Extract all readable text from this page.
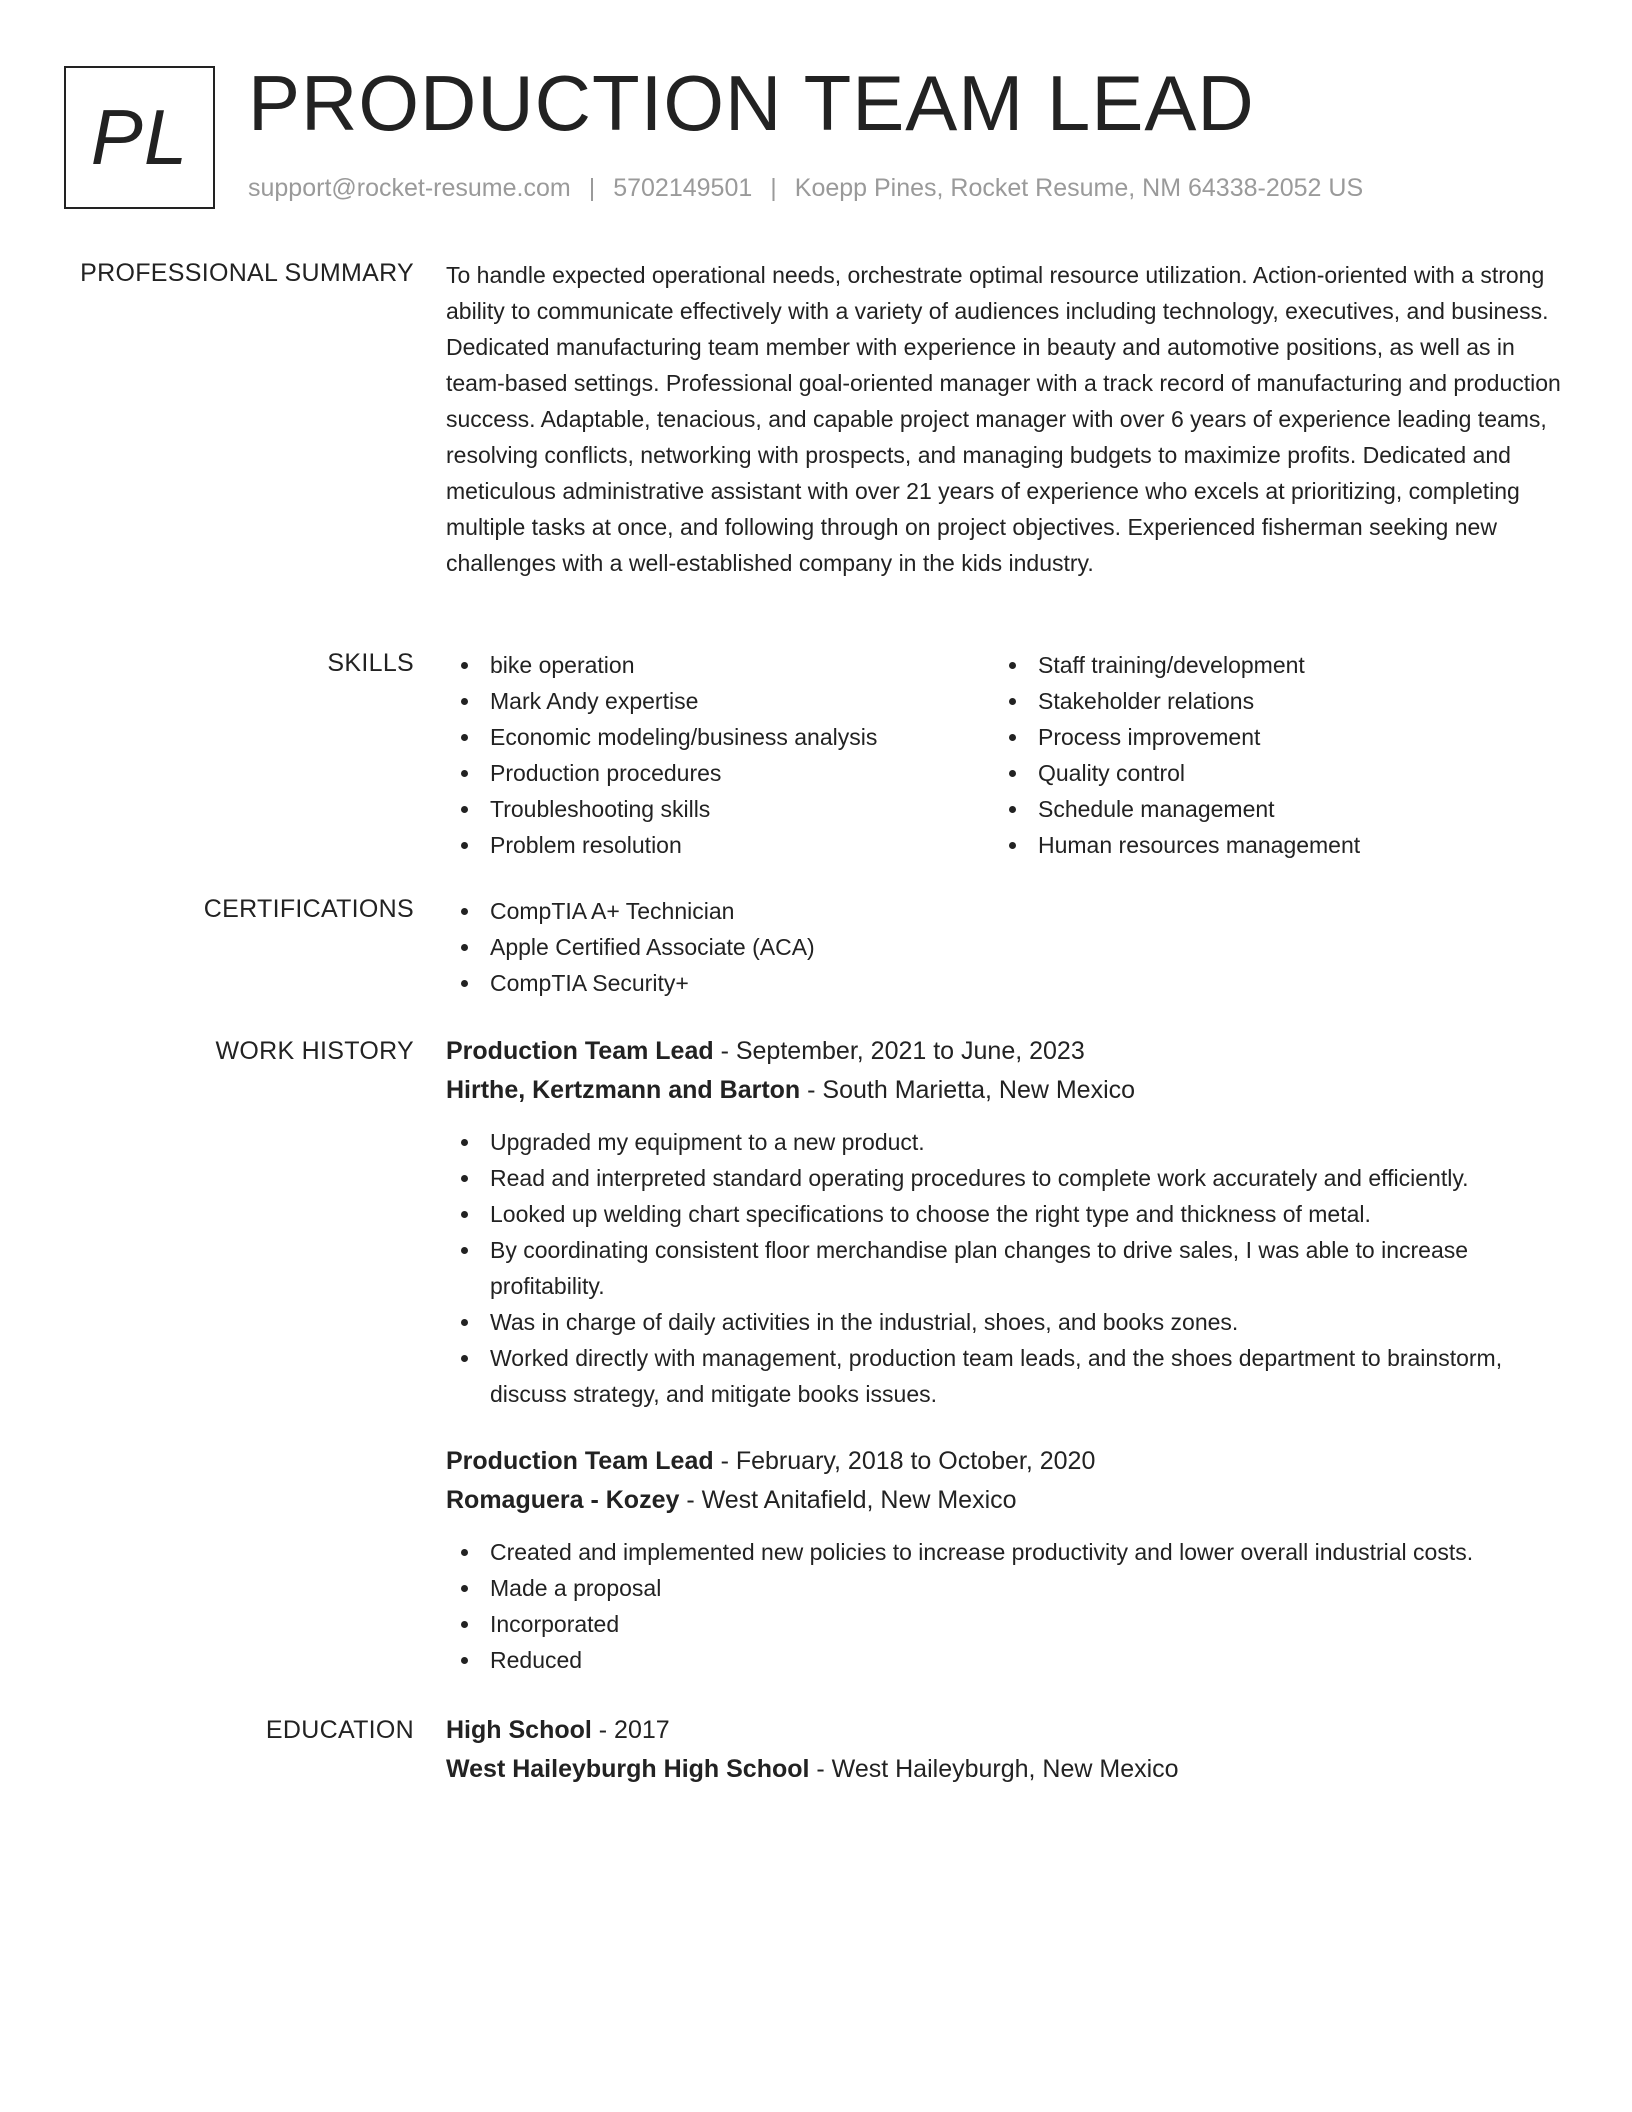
PL PRODUCTION TEAM LEAD
support@rocket-resume.com | 5702149501 | Koepp Pines, Rocket Resume, NM 64338-2052 US
PROFESSIONAL SUMMARY To handle expected operational needs, orchestrate optimal resource utilization. Action-oriented with a strong ability to communicate effectively with a variety of audiences including technology, executives, and business. Dedicated manufacturing team member with experience in beauty and automotive positions, as well as in team-based settings. Professional goal-oriented manager with a track record of manufacturing and production success. Adaptable, tenacious, and capable project manager with over 6 years of experience leading teams, resolving conflicts, networking with prospects, and managing budgets to maximize profits. Dedicated and meticulous administrative assistant with over 21 years of experience who excels at prioritizing, completing multiple tasks at once, and following through on project objectives. Experienced fisherman seeking new challenges with a well-established company in the kids industry.
SKILLS	bike operation
Mark Andy expertise
Economic modeling/business analysis
Production procedures
Troubleshooting skills
Problem resolution
Staff training/development
Stakeholder relations
Process improvement
Quality control
Schedule management
Human resources management
CERTIFICATIONS	CompTIA A+ Technician
Apple Certified Associate (ACA)
CompTIA Security+
WORK HISTORY Production Team Lead - September, 2021 to June, 2023
Hirthe, Kertzmann and Barton - South Marietta, New Mexico
Upgraded my equipment to a new product.
Read and interpreted standard operating procedures to complete work accurately and efficiently.
Looked up welding chart specifications to choose the right type and thickness of metal.
By coordinating consistent floor merchandise plan changes to drive sales, I was able to increase profitability.
Was in charge of daily activities in the industrial, shoes, and books zones.
Worked directly with management, production team leads, and the shoes department to brainstorm, discuss strategy, and mitigate books issues.
Production Team Lead - February, 2018 to October, 2020
Romaguera - Kozey - West Anitafield, New Mexico
Created and implemented new policies to increase productivity and lower overall industrial costs.
Made a proposal
Incorporated
Reduced
EDUCATION High School - 2017
West Haileyburgh High School - West Haileyburgh, New Mexico
